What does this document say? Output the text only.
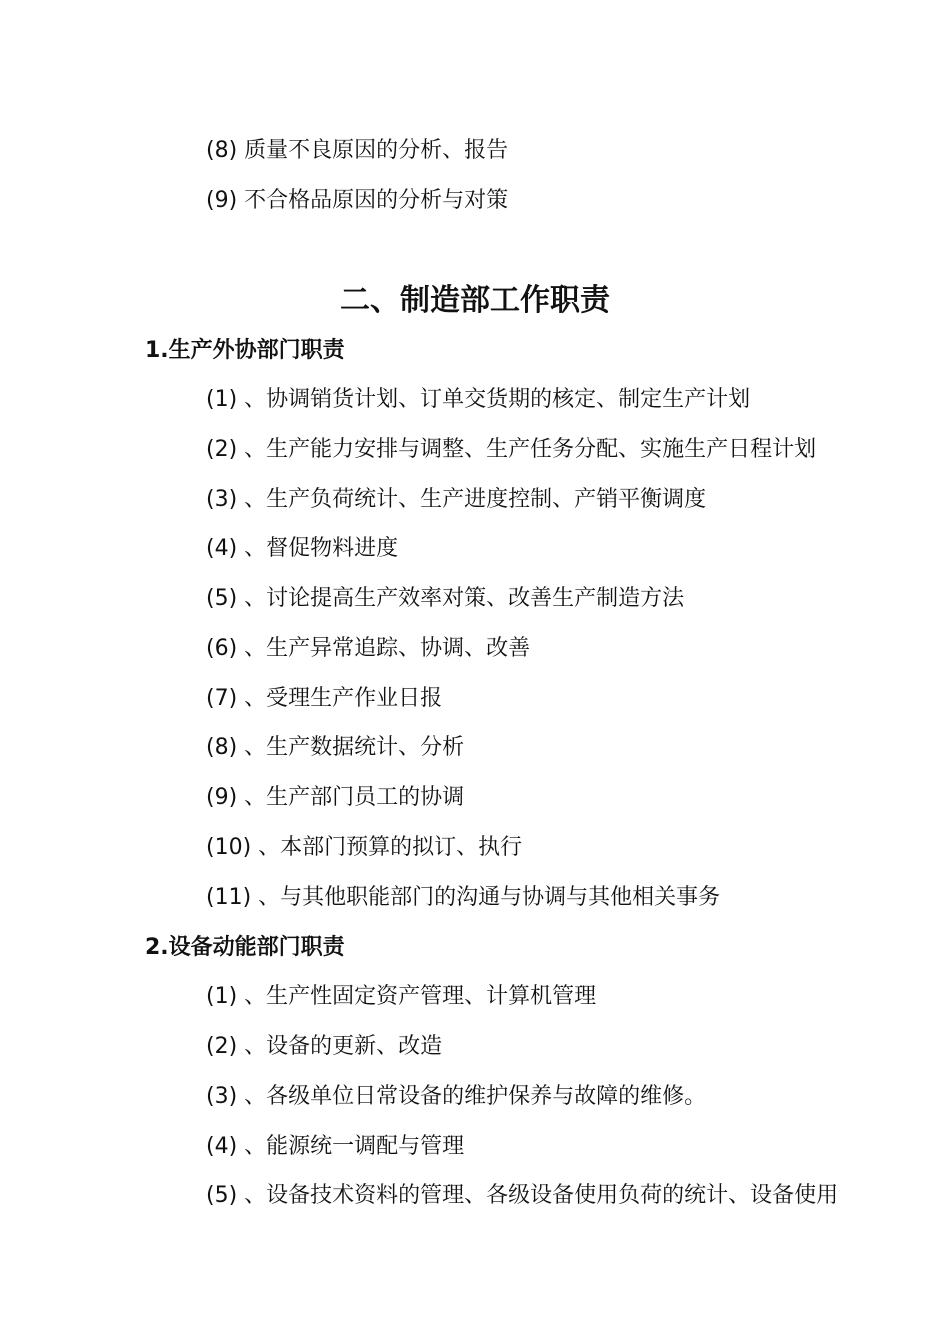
(8) 质量不良原因的分析、报告
(9) 不合格品原因的分析与对策
二、制造部工作职责
1.生产外协部门职责
(1) 、协调销货计划、订单交货期的核定、制定生产计划
(2) 、生产能力安排与调整、生产任务分配、实施生产日程计划
(3) 、生产负荷统计、生产进度控制、产销平衡调度
(4) 、督促物料进度
(5) 、讨论提高生产效率对策、改善生产制造方法
(6) 、生产异常追踪、协调、改善
(7) 、受理生产作业日报
(8) 、生产数据统计、分析
(9) 、生产部门员工的协调
(10) 、本部门预算的拟订、执行
(11) 、与其他职能部门的沟通与协调与其他相关事务
2.设备动能部门职责
(1) 、生产性固定资产管理、计算机管理
(2) 、设备的更新、改造
(3) 、各级单位日常设备的维护保养与故障的维修。
(4) 、能源统一调配与管理
(5) 、设备技术资料的管理、各级设备使用负荷的统计、设备使用
